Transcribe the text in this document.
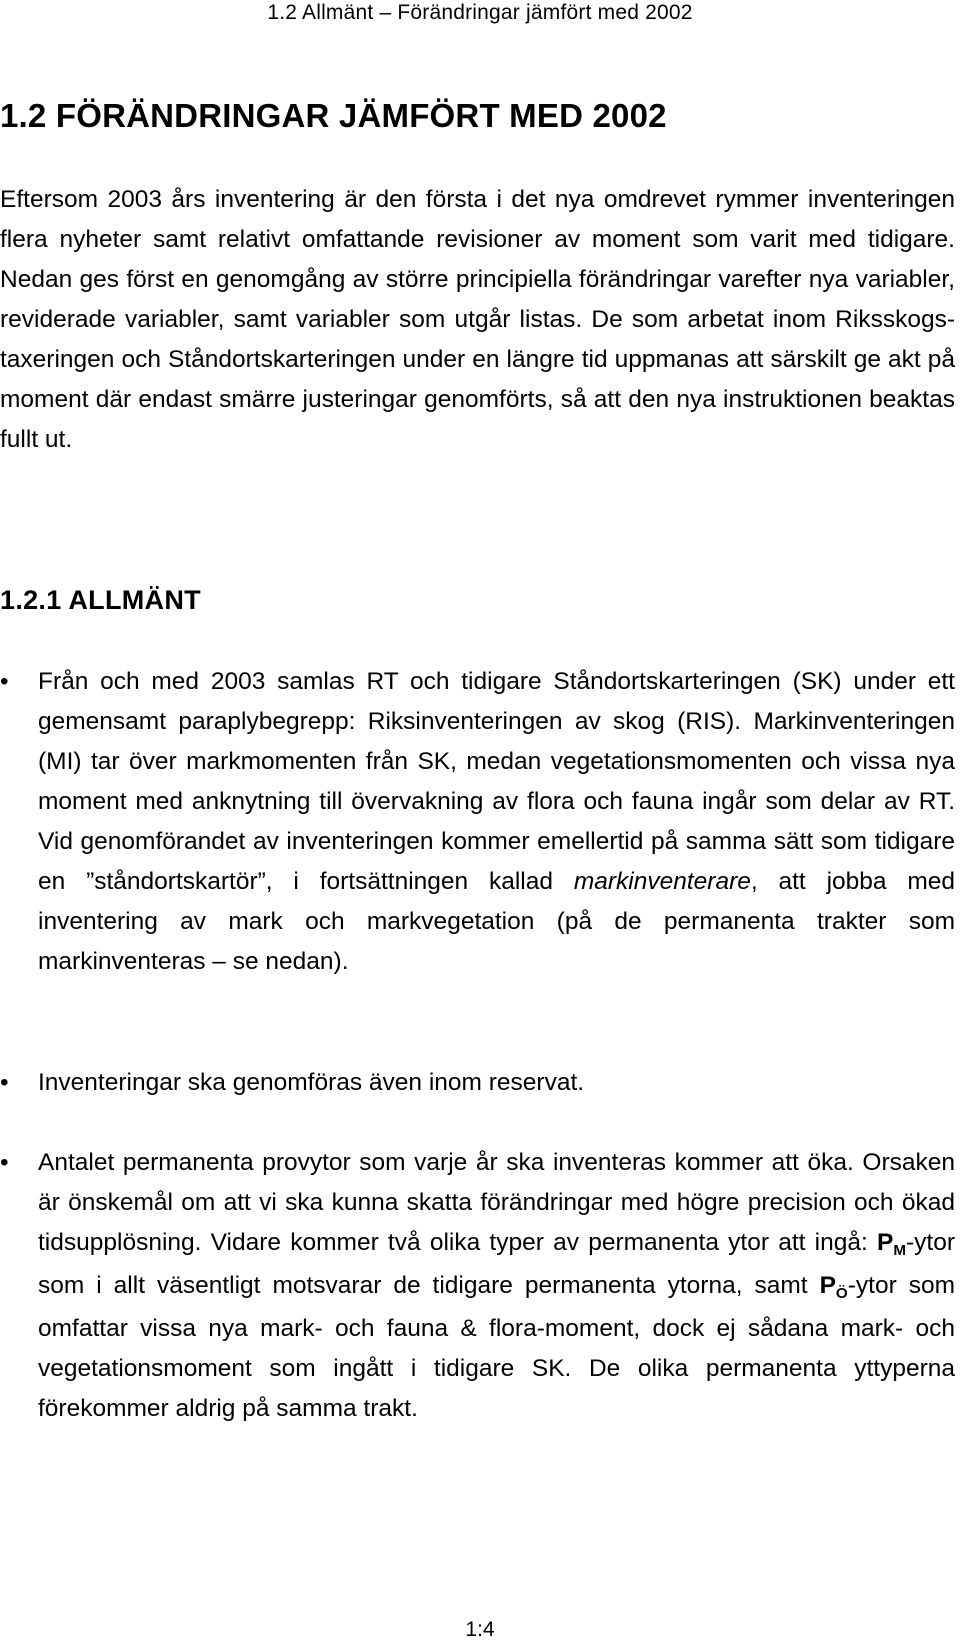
1.2 Allmänt – Förändringar jämfört med 2002
1.2 FÖRÄNDRINGAR JÄMFÖRT MED 2002
Eftersom 2003 års inventering är den första i det nya omdrevet rymmer inventeringen flera nyheter samt relativt omfattande revisioner av moment som varit med tidigare. Nedan ges först en genomgång av större principiella förändringar varefter nya variabler, reviderade variabler, samt variabler som utgår listas. De som arbetat inom Riksskogstaxeringen och Ståndortskarteringen under en längre tid uppmanas att särskilt ge akt på moment där endast smärre justeringar genomförts, så att den nya instruktionen beaktas fullt ut.
1.2.1 ALLMÄNT
•	Från och med 2003 samlas RT och tidigare Ståndortskarteringen (SK) under ett gemensamt paraplybegrepp: Riksinventeringen av skog (RIS). Markinventeringen (MI) tar över markmomenten från SK, medan vegetationsmomenten och vissa nya moment med anknytning till övervakning av flora och fauna ingår som delar av RT. Vid genomförandet av inventeringen kommer emellertid på samma sätt som tidigare en ”ståndortskartör”, i fortsättningen kallad markinventerare, att jobba med inventering av mark och markvegetation (på de permanenta trakter som markinventeras – se nedan).
•	Inventeringar ska genomföras även inom reservat.
•	Antalet permanenta provytor som varje år ska inventeras kommer att öka. Orsaken är önskemål om att vi ska kunna skatta förändringar med högre precision och ökad tidsupplösning. Vidare kommer två olika typer av permanenta ytor att ingå: PM-ytor som i allt väsentligt motsvarar de tidigare permanenta ytorna, samt PÖ-ytor som omfattar vissa nya mark- och fauna & flora-moment, dock ej sådana mark- och vegetationsmoment som ingått i tidigare SK. De olika permanenta yttyperna förekommer aldrig på samma trakt.
1:4
